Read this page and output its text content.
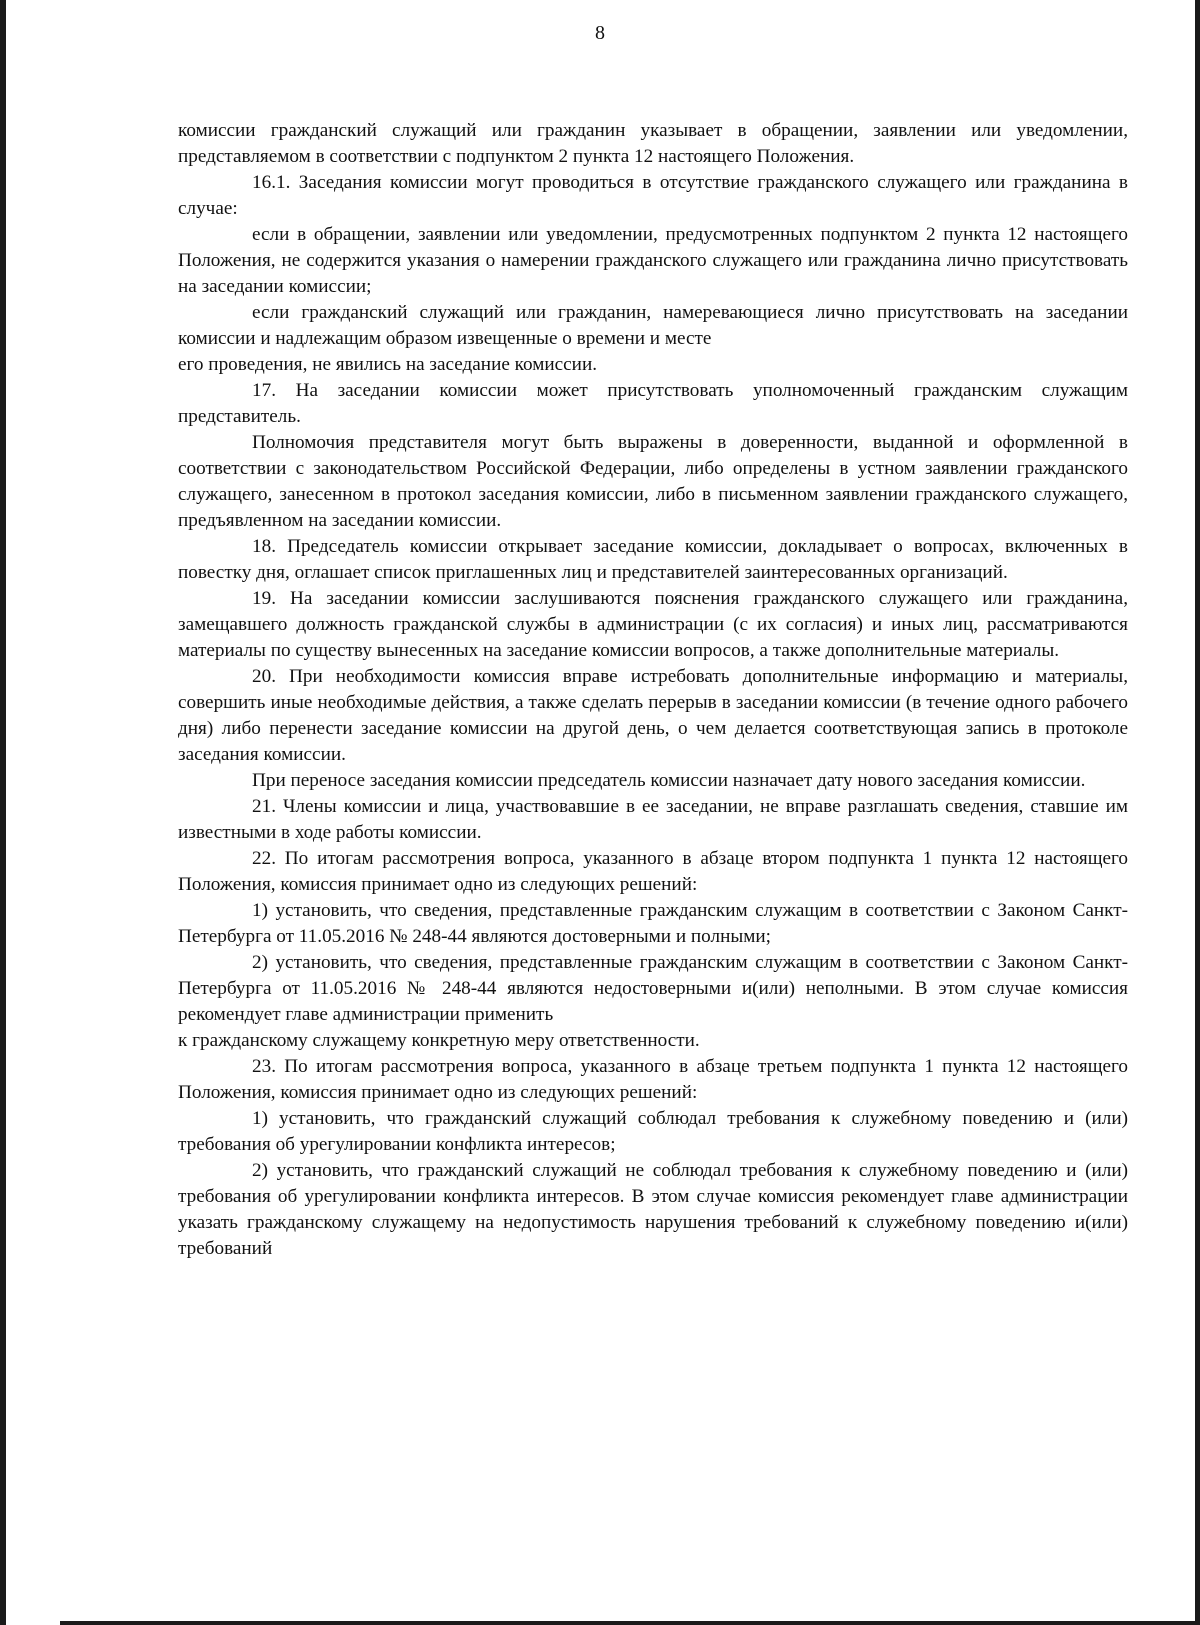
8

комиссии гражданский служащий или гражданин указывает в обращении, заявлении или уведомлении, представляемом в соответствии с подпунктом 2 пункта 12 настоящего Положения.

16.1. Заседания комиссии могут проводиться в отсутствие гражданского служащего или гражданина в случае:

если в обращении, заявлении или уведомлении, предусмотренных подпунктом 2 пункта 12 настоящего Положения, не содержится указания о намерении гражданского служащего или гражданина лично присутствовать на заседании комиссии;

если гражданский служащий или гражданин, намеревающиеся лично присутствовать на заседании комиссии и надлежащим образом извещенные о времени и месте

его проведения, не явились на заседание комиссии.

17. На заседании комиссии может присутствовать уполномоченный гражданским служащим представитель.

Полномочия представителя могут быть выражены в доверенности, выданной и оформленной в соответствии с законодательством Российской Федерации, либо определены в устном заявлении гражданского служащего, занесенном в протокол заседания комиссии, либо в письменном заявлении гражданского служащего, предъявленном на заседании комиссии.

18. Председатель комиссии открывает заседание комиссии, докладывает о вопросах, включенных в повестку дня, оглашает список приглашенных лиц и представителей заинтересованных организаций.

19. На заседании комиссии заслушиваются пояснения гражданского служащего или гражданина, замещавшего должность гражданской службы в администрации (с их согласия) и иных лиц, рассматриваются материалы по существу вынесенных на заседание комиссии вопросов, а также дополнительные материалы.

20. При необходимости комиссия вправе истребовать дополнительные информацию и материалы, совершить иные необходимые действия, а также сделать перерыв в заседании комиссии (в течение одного рабочего дня) либо перенести заседание комиссии на другой день, о чем делается соответствующая запись в протоколе заседания комиссии.

При переносе заседания комиссии председатель комиссии назначает дату нового заседания комиссии.

21. Члены комиссии и лица, участвовавшие в ее заседании, не вправе разглашать сведения, ставшие им известными в ходе работы комиссии.

22. По итогам рассмотрения вопроса, указанного в абзаце втором подпункта 1 пункта 12 настоящего Положения, комиссия принимает одно из следующих решений:

1) установить, что сведения, представленные гражданским служащим в соответствии с Законом Санкт-Петербурга от 11.05.2016 № 248-44 являются достоверными и полными;

2) установить, что сведения, представленные гражданским служащим в соответствии с Законом Санкт-Петербурга от 11.05.2016 № 248-44 являются недостоверными и(или) неполными. В этом случае комиссия рекомендует главе администрации применить

к гражданскому служащему конкретную меру ответственности.

23. По итогам рассмотрения вопроса, указанного в абзаце третьем подпункта 1 пункта 12 настоящего Положения, комиссия принимает одно из следующих решений:

1) установить, что гражданский служащий соблюдал требования к служебному поведению и (или) требования об урегулировании конфликта интересов;

2) установить, что гражданский служащий не соблюдал требования к служебному поведению и (или) требования об урегулировании конфликта интересов. В этом случае комиссия рекомендует главе администрации указать гражданскому служащему на недопустимость нарушения требований к служебному поведению и(или) требований
